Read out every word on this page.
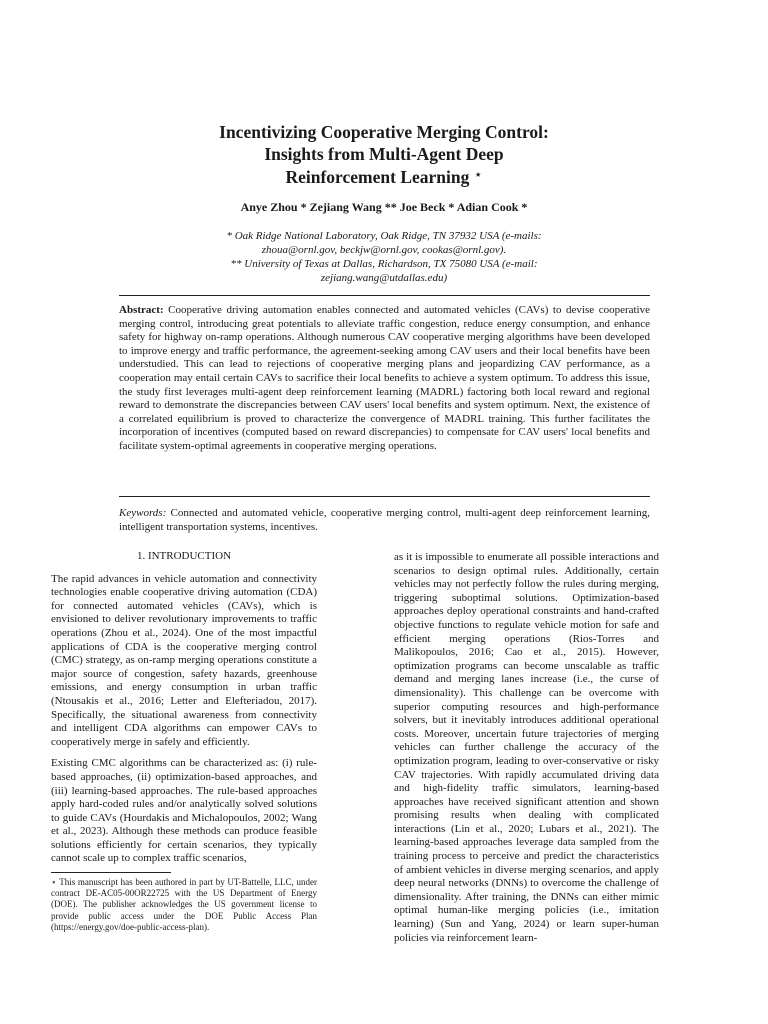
Incentivizing Cooperative Merging Control:
Insights from Multi-Agent Deep
Reinforcement Learning ⋆
Anye Zhou * Zejiang Wang ** Joe Beck * Adian Cook *
* Oak Ridge National Laboratory, Oak Ridge, TN 37932 USA (e-mails:
zhoua@ornl.gov, beckjw@ornl.gov, cookas@ornl.gov).
** University of Texas at Dallas, Richardson, TX 75080 USA (e-mail:
zejiang.wang@utdallas.edu)
Abstract: Cooperative driving automation enables connected and automated vehicles (CAVs) to devise cooperative merging control, introducing great potentials to alleviate traffic congestion, reduce energy consumption, and enhance safety for highway on-ramp operations. Although numerous CAV cooperative merging algorithms have been developed to improve energy and traffic performance, the agreement-seeking among CAV users and their local benefits have been understudied. This can lead to rejections of cooperative merging plans and jeopardizing CAV performance, as a cooperation may entail certain CAVs to sacrifice their local benefits to achieve a system optimum. To address this issue, the study first leverages multi-agent deep reinforcement learning (MADRL) factoring both local reward and regional reward to demonstrate the discrepancies between CAV users' local benefits and system optimum. Next, the existence of a correlated equilibrium is proved to characterize the convergence of MADRL training. This further facilitates the incorporation of incentives (computed based on reward discrepancies) to compensate for CAV users' local benefits and facilitate system-optimal agreements in cooperative merging operations.
Keywords: Connected and automated vehicle, cooperative merging control, multi-agent deep reinforcement learning, intelligent transportation systems, incentives.
1. INTRODUCTION

The rapid advances in vehicle automation and connectivity technologies enable cooperative driving automation (CDA) for connected automated vehicles (CAVs), which is envisioned to deliver revolutionary improvements to traffic operations (Zhou et al., 2024). One of the most impactful applications of CDA is the cooperative merging control (CMC) strategy, as on-ramp merging operations constitute a major source of congestion, safety hazards, greenhouse emissions, and energy consumption in urban traffic (Ntousakis et al., 2016; Letter and Elefteriadou, 2017). Specifically, the situational awareness from connectivity and intelligent CDA algorithms can empower CAVs to cooperatively merge in safely and efficiently.

Existing CMC algorithms can be characterized as: (i) rule-based approaches, (ii) optimization-based approaches, and (iii) learning-based approaches. The rule-based approaches apply hard-coded rules and/or analytically solved solutions to guide CAVs (Hourdakis and Michalopoulos, 2002; Wang et al., 2023). Although these methods can produce feasible solutions efficiently for certain scenarios, they typically cannot scale up to complex traffic scenarios,

⋆ This manuscript has been authored in part by UT-Battelle, LLC, under contract DE-AC05-00OR22725 with the US Department of Energy (DOE). The publisher acknowledges the US government license to provide public access under the DOE Public Access Plan (https://energy.gov/doe-public-access-plan).

as it is impossible to enumerate all possible interactions and scenarios to design optimal rules. Additionally, certain vehicles may not perfectly follow the rules during merging, triggering suboptimal solutions. Optimization-based approaches deploy operational constraints and hand-crafted objective functions to regulate vehicle motion for safe and efficient merging operations (Rios-Torres and Malikopoulos, 2016; Cao et al., 2015). However, optimization programs can become unscalable as traffic demand and merging lanes increase (i.e., the curse of dimensionality). This challenge can be overcome with superior computing resources and high-performance solvers, but it inevitably introduces additional operational costs. Moreover, uncertain future trajectories of merging vehicles can further challenge the accuracy of the optimization program, leading to over-conservative or risky CAV trajectories. With rapidly accumulated driving data and high-fidelity traffic simulators, learning-based approaches have received significant attention and shown promising results when dealing with complicated interactions (Lin et al., 2020; Lubars et al., 2021). The learning-based approaches leverage data sampled from the training process to perceive and predict the characteristics of ambient vehicles in diverse merging scenarios, and apply deep neural networks (DNNs) to overcome the challenge of dimensionality. After training, the DNNs can either mimic optimal human-like merging policies (i.e., imitation learning) (Sun and Yang, 2024) or learn super-human policies via reinforcement learn-
